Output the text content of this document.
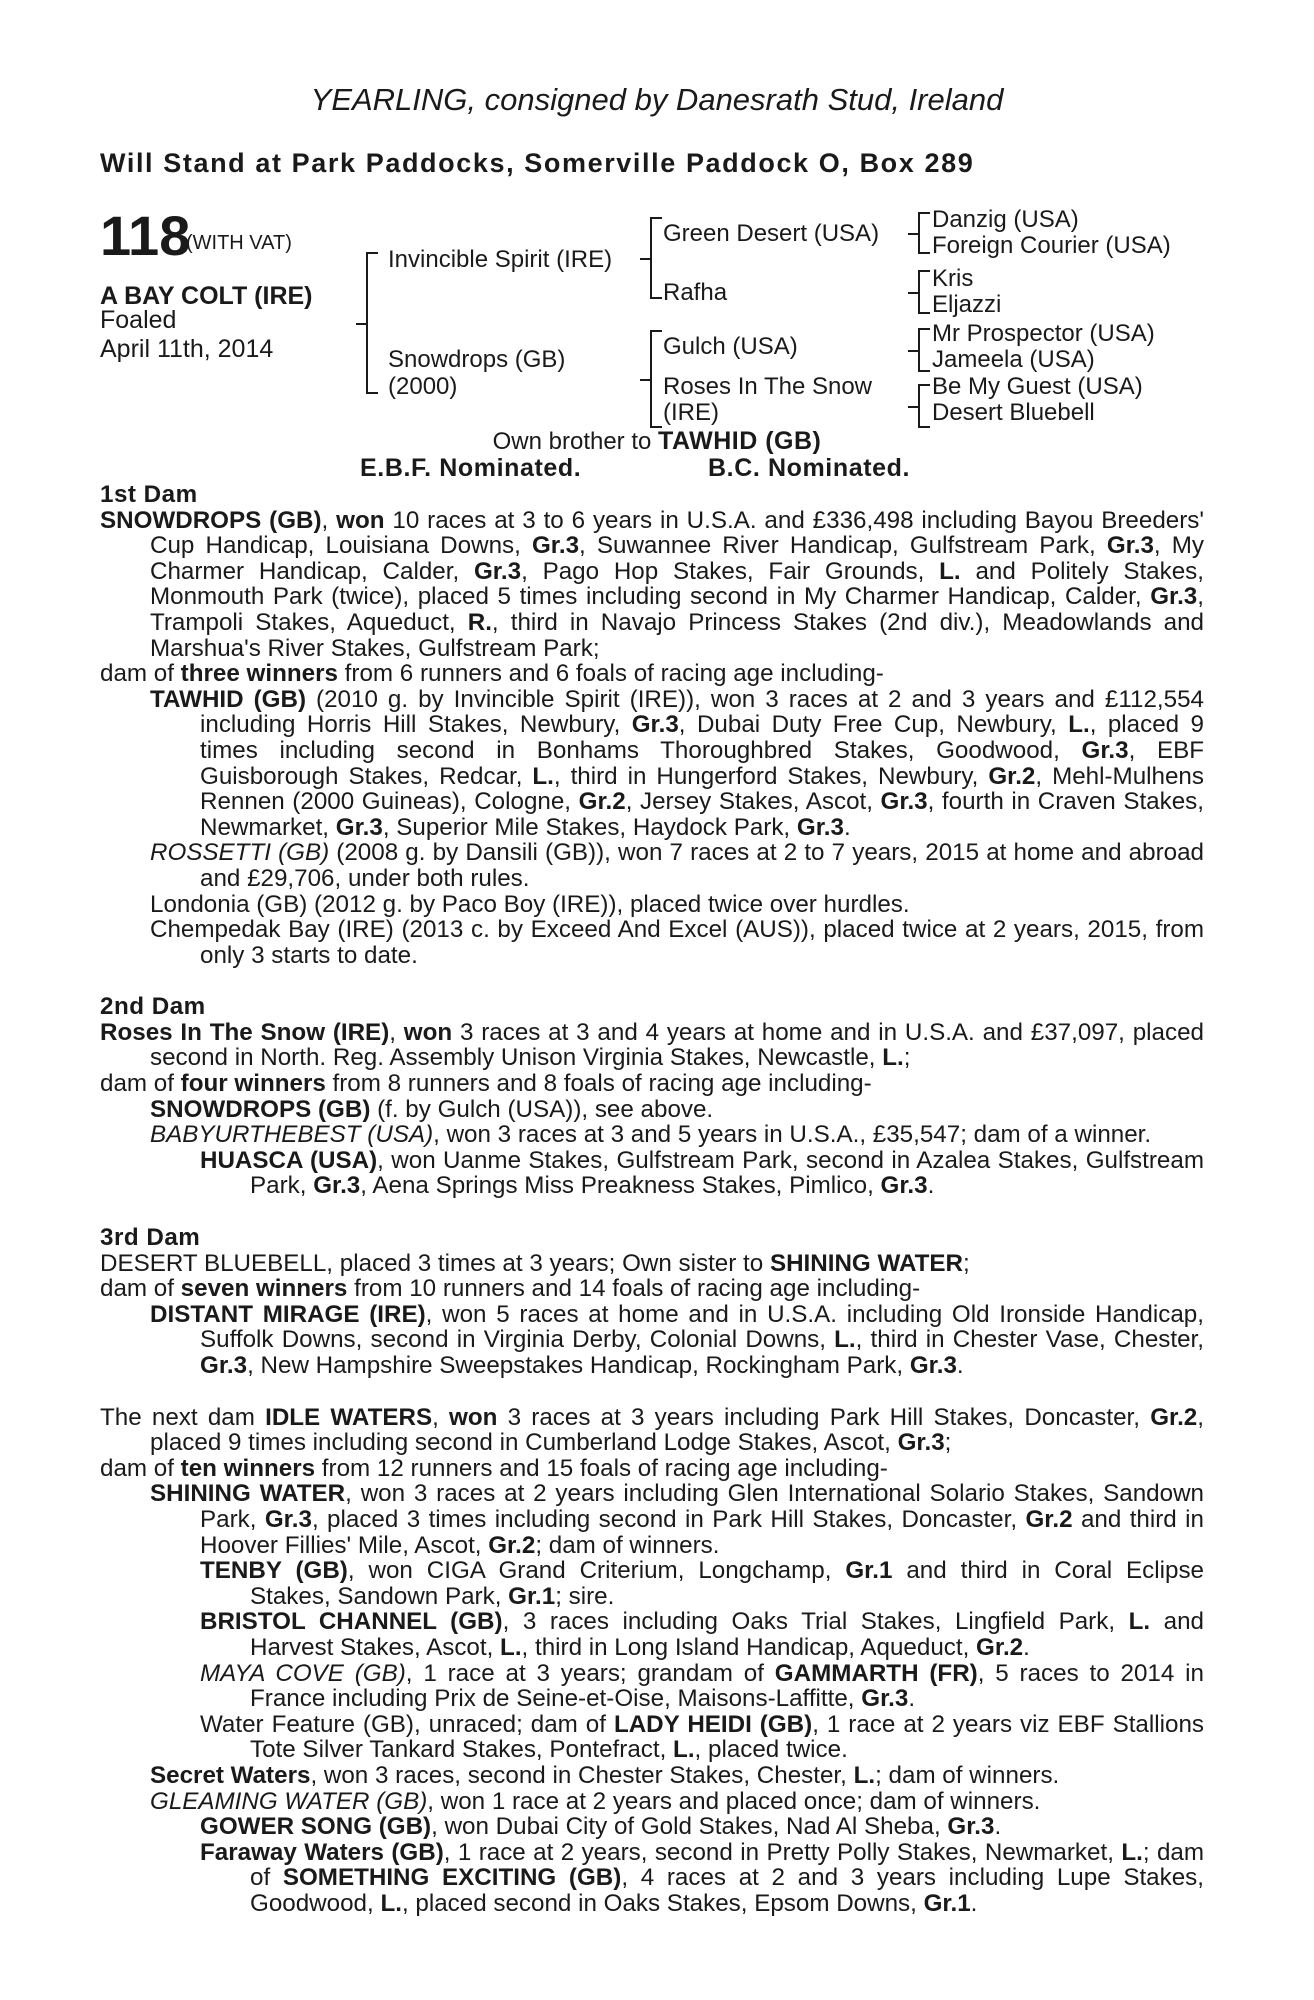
YEARLING, consigned by Danesrath Stud, Ireland
Will Stand at Park Paddocks, Somerville Paddock O, Box 289
118
(WITH VAT)
A BAY COLT (IRE)
Foaled
April 11th, 2014
Invincible Spirit (IRE)
Snowdrops (GB)
(2000)
Green Desert (USA)
Rafha
Gulch (USA)
Roses In The Snow
(IRE)
Danzig (USA)
Foreign Courier (USA)
Kris
Eljazzi
Mr Prospector (USA)
Jameela (USA)
Be My Guest (USA)
Desert Bluebell
Own brother to TAWHID (GB)
E.B.F. Nominated.	B.C. Nominated.

1st Dam

SNOWDROPS (GB), won 10 races at 3 to 6 years in U.S.A. and £336,498 including Bayou Breeders' Cup Handicap, Louisiana Downs, Gr.3, Suwannee River Handicap, Gulfstream Park, Gr.3, My Charmer Handicap, Calder, Gr.3, Pago Hop Stakes, Fair Grounds, L. and Politely Stakes, Monmouth Park (twice), placed 5 times including second in My Charmer Handicap, Calder, Gr.3, Trampoli Stakes, Aqueduct, R., third in Navajo Princess Stakes (2nd div.), Meadowlands and Marshua's River Stakes, Gulfstream Park;

dam of three winners from 6 runners and 6 foals of racing age including-

TAWHID (GB) (2010 g. by Invincible Spirit (IRE)), won 3 races at 2 and 3 years and £112,554 including Horris Hill Stakes, Newbury, Gr.3, Dubai Duty Free Cup, Newbury, L., placed 9 times including second in Bonhams Thoroughbred Stakes, Goodwood, Gr.3, EBF Guisborough Stakes, Redcar, L., third in Hungerford Stakes, Newbury, Gr.2, Mehl-Mulhens Rennen (2000 Guineas), Cologne, Gr.2, Jersey Stakes, Ascot, Gr.3, fourth in Craven Stakes, Newmarket, Gr.3, Superior Mile Stakes, Haydock Park, Gr.3.

ROSSETTI (GB) (2008 g. by Dansili (GB)), won 7 races at 2 to 7 years, 2015 at home and abroad and £29,706, under both rules.

Londonia (GB) (2012 g. by Paco Boy (IRE)), placed twice over hurdles.

Chempedak Bay (IRE) (2013 c. by Exceed And Excel (AUS)), placed twice at 2 years, 2015, from only 3 starts to date.

2nd Dam

Roses In The Snow (IRE), won 3 races at 3 and 4 years at home and in U.S.A. and £37,097, placed second in North. Reg. Assembly Unison Virginia Stakes, Newcastle, L.;

dam of four winners from 8 runners and 8 foals of racing age including-

SNOWDROPS (GB) (f. by Gulch (USA)), see above.

BABYURTHEBEST (USA), won 3 races at 3 and 5 years in U.S.A., £35,547; dam of a winner.

HUASCA (USA), won Uanme Stakes, Gulfstream Park, second in Azalea Stakes, Gulfstream Park, Gr.3, Aena Springs Miss Preakness Stakes, Pimlico, Gr.3.

3rd Dam

DESERT BLUEBELL, placed 3 times at 3 years; Own sister to SHINING WATER;

dam of seven winners from 10 runners and 14 foals of racing age including-

DISTANT MIRAGE (IRE), won 5 races at home and in U.S.A. including Old Ironside Handicap, Suffolk Downs, second in Virginia Derby, Colonial Downs, L., third in Chester Vase, Chester, Gr.3, New Hampshire Sweepstakes Handicap, Rockingham Park, Gr.3.

The next dam IDLE WATERS, won 3 races at 3 years including Park Hill Stakes, Doncaster, Gr.2, placed 9 times including second in Cumberland Lodge Stakes, Ascot, Gr.3;

dam of ten winners from 12 runners and 15 foals of racing age including-

SHINING WATER, won 3 races at 2 years including Glen International Solario Stakes, Sandown Park, Gr.3, placed 3 times including second in Park Hill Stakes, Doncaster, Gr.2 and third in Hoover Fillies' Mile, Ascot, Gr.2; dam of winners.

TENBY (GB), won CIGA Grand Criterium, Longchamp, Gr.1 and third in Coral Eclipse Stakes, Sandown Park, Gr.1; sire.

BRISTOL CHANNEL (GB), 3 races including Oaks Trial Stakes, Lingfield Park, L. and Harvest Stakes, Ascot, L., third in Long Island Handicap, Aqueduct, Gr.2.

MAYA COVE (GB), 1 race at 3 years; grandam of GAMMARTH (FR), 5 races to 2014 in France including Prix de Seine-et-Oise, Maisons-Laffitte, Gr.3.

Water Feature (GB), unraced; dam of LADY HEIDI (GB), 1 race at 2 years viz EBF Stallions Tote Silver Tankard Stakes, Pontefract, L., placed twice.

Secret Waters, won 3 races, second in Chester Stakes, Chester, L.; dam of winners.

GLEAMING WATER (GB), won 1 race at 2 years and placed once; dam of winners.

GOWER SONG (GB), won Dubai City of Gold Stakes, Nad Al Sheba, Gr.3.

Faraway Waters (GB), 1 race at 2 years, second in Pretty Polly Stakes, Newmarket, L.; dam of SOMETHING EXCITING (GB), 4 races at 2 and 3 years including Lupe Stakes, Goodwood, L., placed second in Oaks Stakes, Epsom Downs, Gr.1.
